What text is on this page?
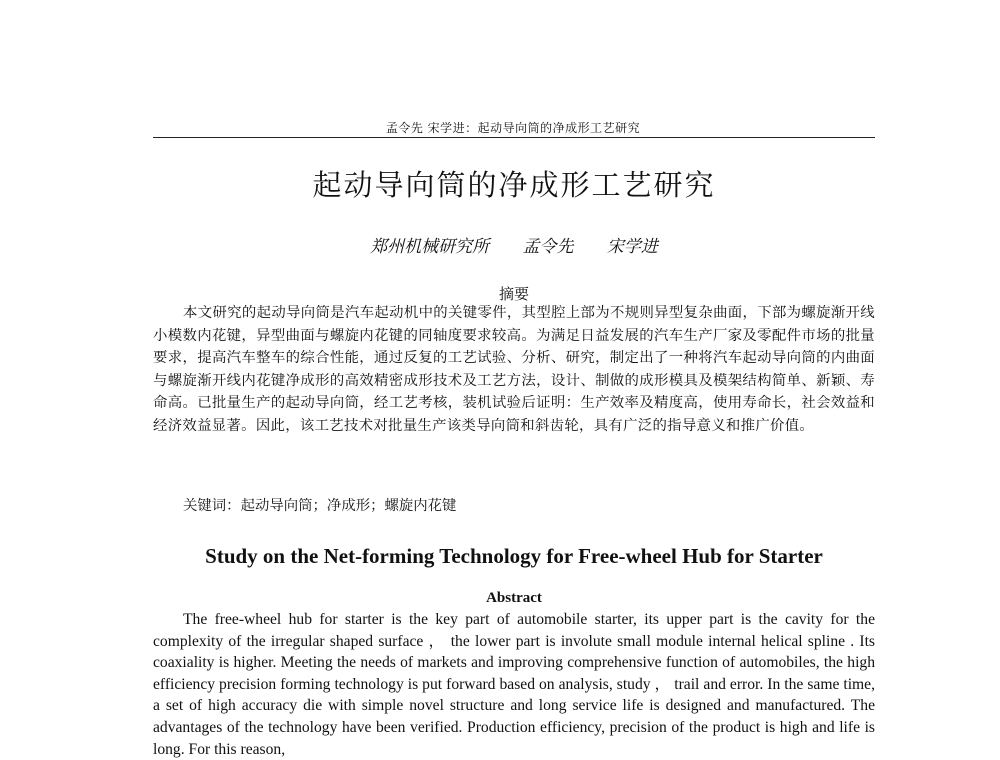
孟令先 宋学进：起动导向筒的净成形工艺研究
起动导向筒的净成形工艺研究
郑州机械研究所 孟令先 宋学进
摘要

本文研究的起动导向筒是汽车起动机中的关键零件，其型腔上部为不规则异型复杂曲面，下部为螺旋渐开线小模数内花键，异型曲面与螺旋内花键的同轴度要求较高。为满足日益发展的汽车生产厂家及零配件市场的批量要求，提高汽车整车的综合性能，通过反复的工艺试验、分析、研究，制定出了一种将汽车起动导向筒的内曲面与螺旋渐开线内花键净成形的高效精密成形技术及工艺方法，设计、制做的成形模具及模架结构简单、新颖、寿命高。已批量生产的起动导向筒，经工艺考核，装机试验后证明：生产效率及精度高，使用寿命长，社会效益和经济效益显著。因此，该工艺技术对批量生产该类导向筒和斜齿轮，具有广泛的指导意义和推广价值。

关键词：起动导向筒；净成形；螺旋内花键
Study on the Net-forming Technology for Free-wheel Hub for Starter
Abstract

The free-wheel hub for starter is the key part of automobile starter, its upper part is the cavity for the complexity of the irregular shaped surface ， the lower part is involute small module internal helical spline . Its coaxiality is higher. Meeting the needs of markets and improving comprehensive function of automobiles, the high efficiency precision forming technology is put forward based on analysis, study ， trail and error. In the same time, a set of high accuracy die with simple novel structure and long service life is designed and manufactured. The advantages of the technology have been verified. Production efficiency, precision of the product is high and life is long. For this reason,
